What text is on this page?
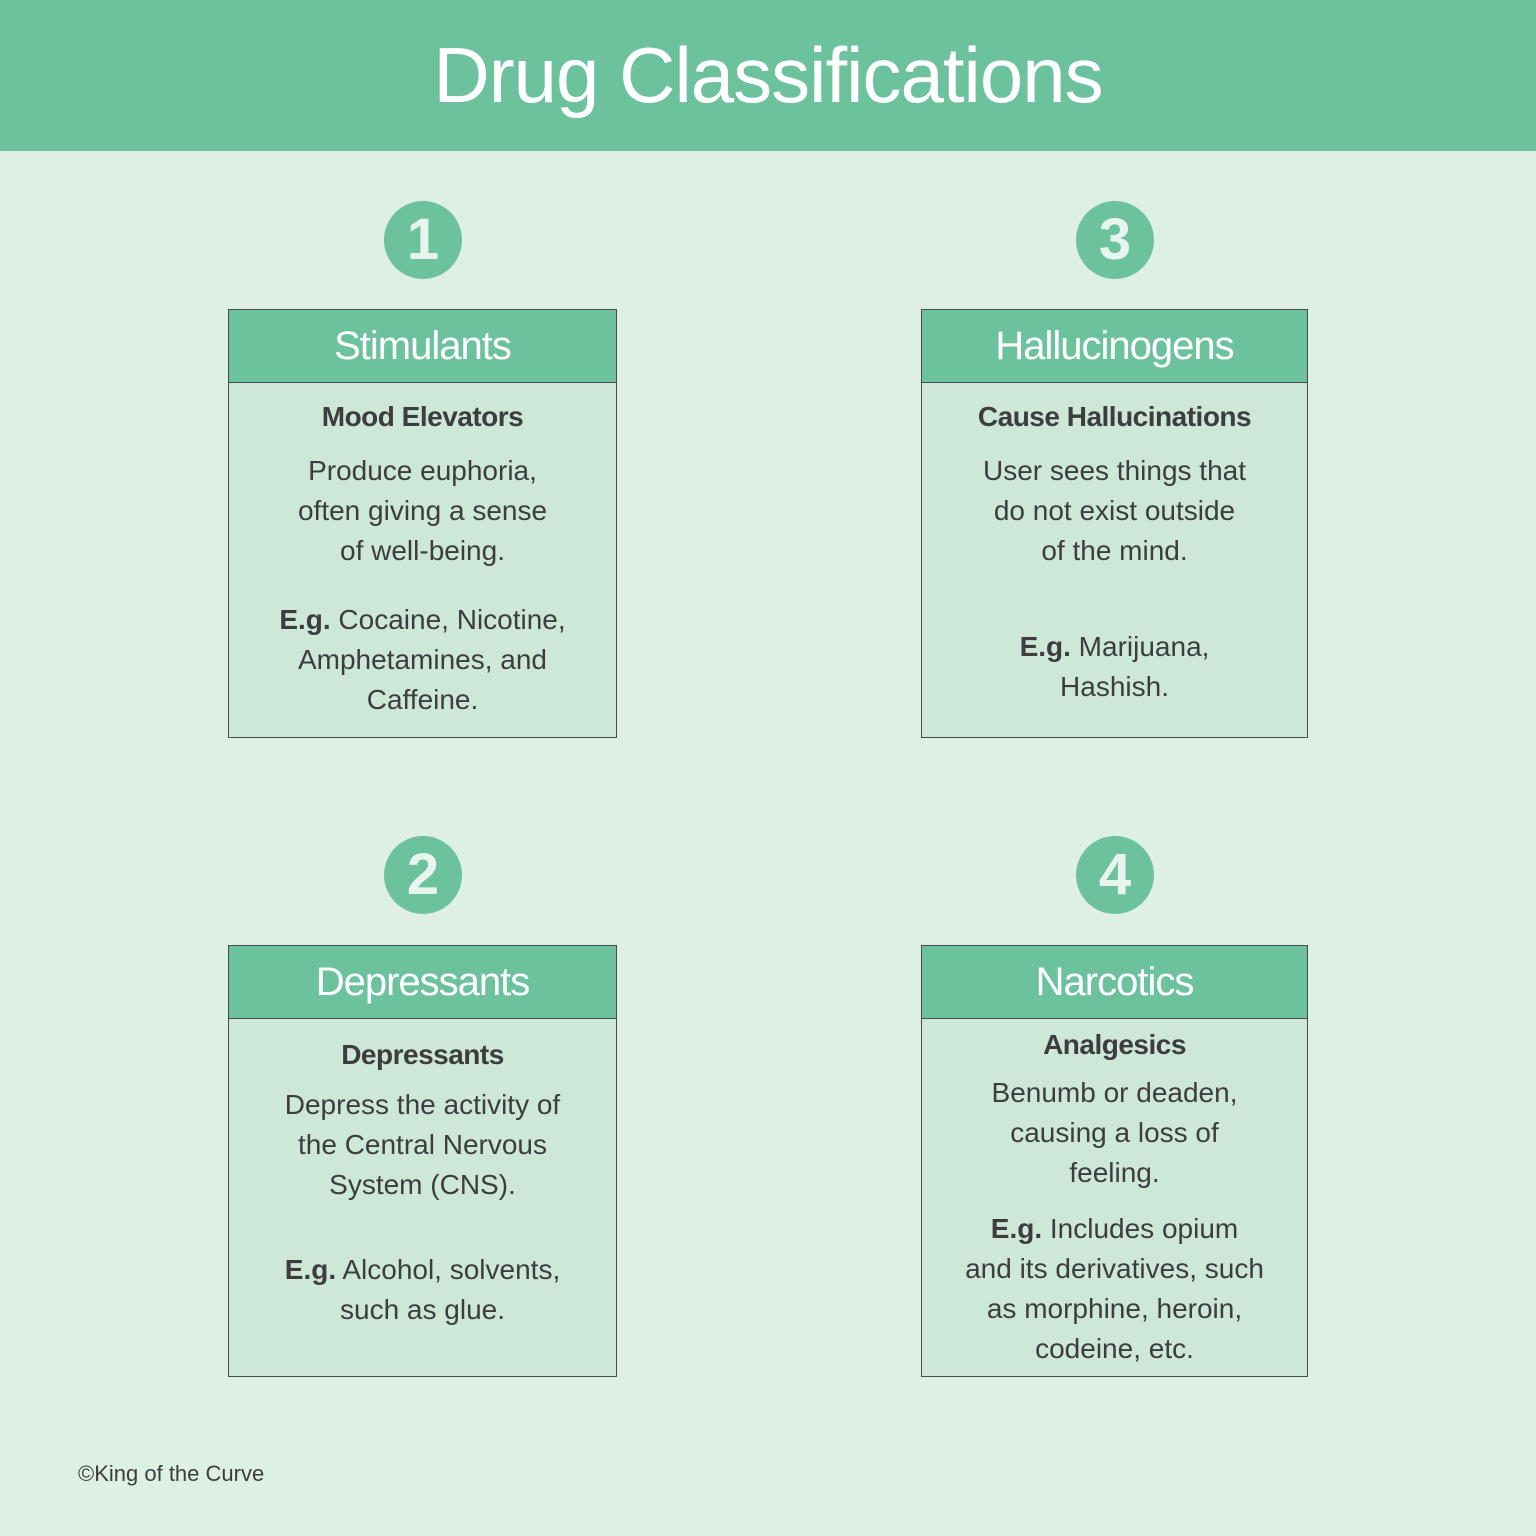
Drug Classifications
1
Stimulants
Mood Elevators
Produce euphoria,
often giving a sense
of well-being.
E.g. Cocaine, Nicotine,
Amphetamines, and
Caffeine.
3
Hallucinogens
Cause Hallucinations
User sees things that
do not exist outside
of the mind.
E.g. Marijuana,
Hashish.
2
Depressants
Depressants
Depress the activity of
the Central Nervous
System (CNS).
E.g. Alcohol, solvents,
such as glue.
4
Narcotics
Analgesics
Benumb or deaden,
causing a loss of
feeling.
E.g. Includes opium
and its derivatives, such
as morphine, heroin,
codeine, etc.
©King of the Curve
